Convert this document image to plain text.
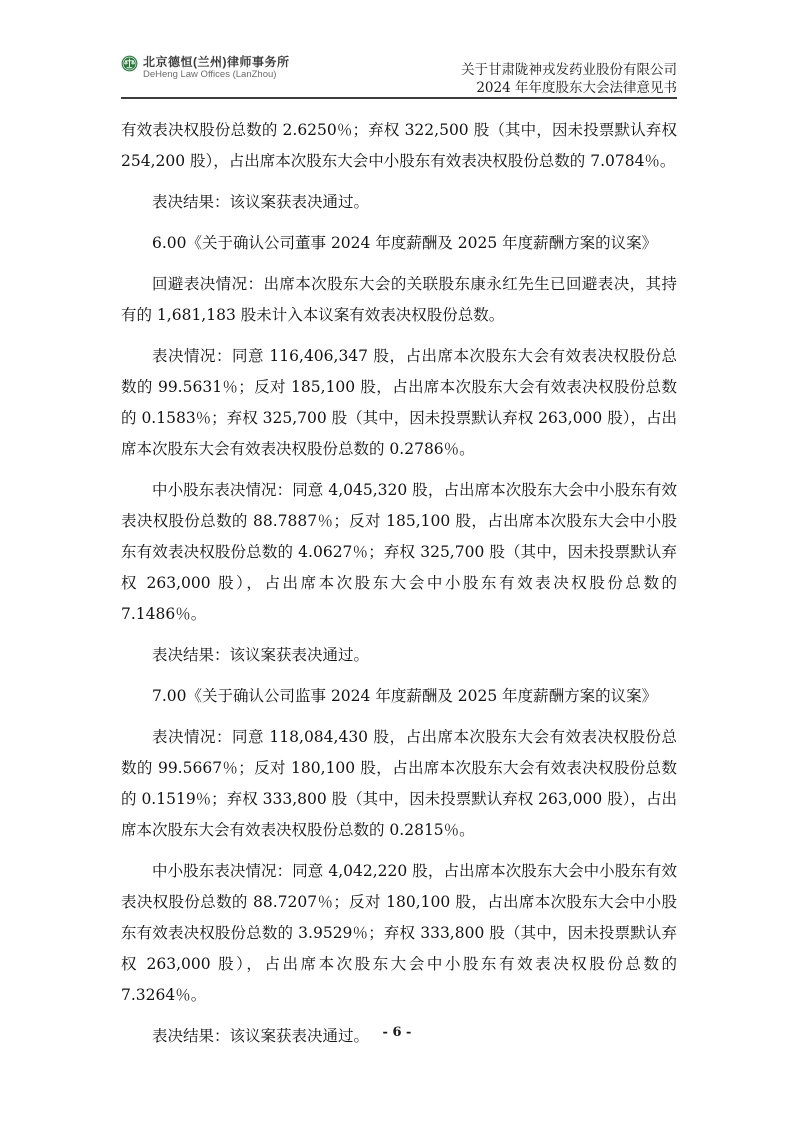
北京德恒(兰州)律师事务所
DeHeng Law Offices (LanZhou)	关于甘肃陇神戎发药业股份有限公司
2024 年年度股东大会法律意见书

有效表决权股份总数的 2.6250％；弃权 322,500 股（其中，因未投票默认弃权 254,200 股），占出席本次股东大会中小股东有效表决权股份总数的 7.0784％。

表决结果：该议案获表决通过。

6.00《关于确认公司董事 2024 年度薪酬及 2025 年度薪酬方案的议案》

回避表决情况：出席本次股东大会的关联股东康永红先生已回避表决，其持有的 1,681,183 股未计入本议案有效表决权股份总数。

表决情况：同意 116,406,347 股，占出席本次股东大会有效表决权股份总数的 99.5631％；反对 185,100 股，占出席本次股东大会有效表决权股份总数的 0.1583％；弃权 325,700 股（其中，因未投票默认弃权 263,000 股），占出席本次股东大会有效表决权股份总数的 0.2786％。

中小股东表决情况：同意 4,045,320 股，占出席本次股东大会中小股东有效表决权股份总数的 88.7887％；反对 185,100 股，占出席本次股东大会中小股东有效表决权股份总数的 4.0627％；弃权 325,700 股（其中，因未投票默认弃权 263,000 股），占出席本次股东大会中小股东有效表决权股份总数的 7.1486％。

表决结果：该议案获表决通过。

7.00《关于确认公司监事 2024 年度薪酬及 2025 年度薪酬方案的议案》

表决情况：同意 118,084,430 股，占出席本次股东大会有效表决权股份总数的 99.5667％；反对 180,100 股，占出席本次股东大会有效表决权股份总数的 0.1519％；弃权 333,800 股（其中，因未投票默认弃权 263,000 股），占出席本次股东大会有效表决权股份总数的 0.2815％。

中小股东表决情况：同意 4,042,220 股，占出席本次股东大会中小股东有效表决权股份总数的 88.7207％；反对 180,100 股，占出席本次股东大会中小股东有效表决权股份总数的 3.9529％；弃权 333,800 股（其中，因未投票默认弃权 263,000 股），占出席本次股东大会中小股东有效表决权股份总数的 7.3264％。

表决结果：该议案获表决通过。	- 6 -
